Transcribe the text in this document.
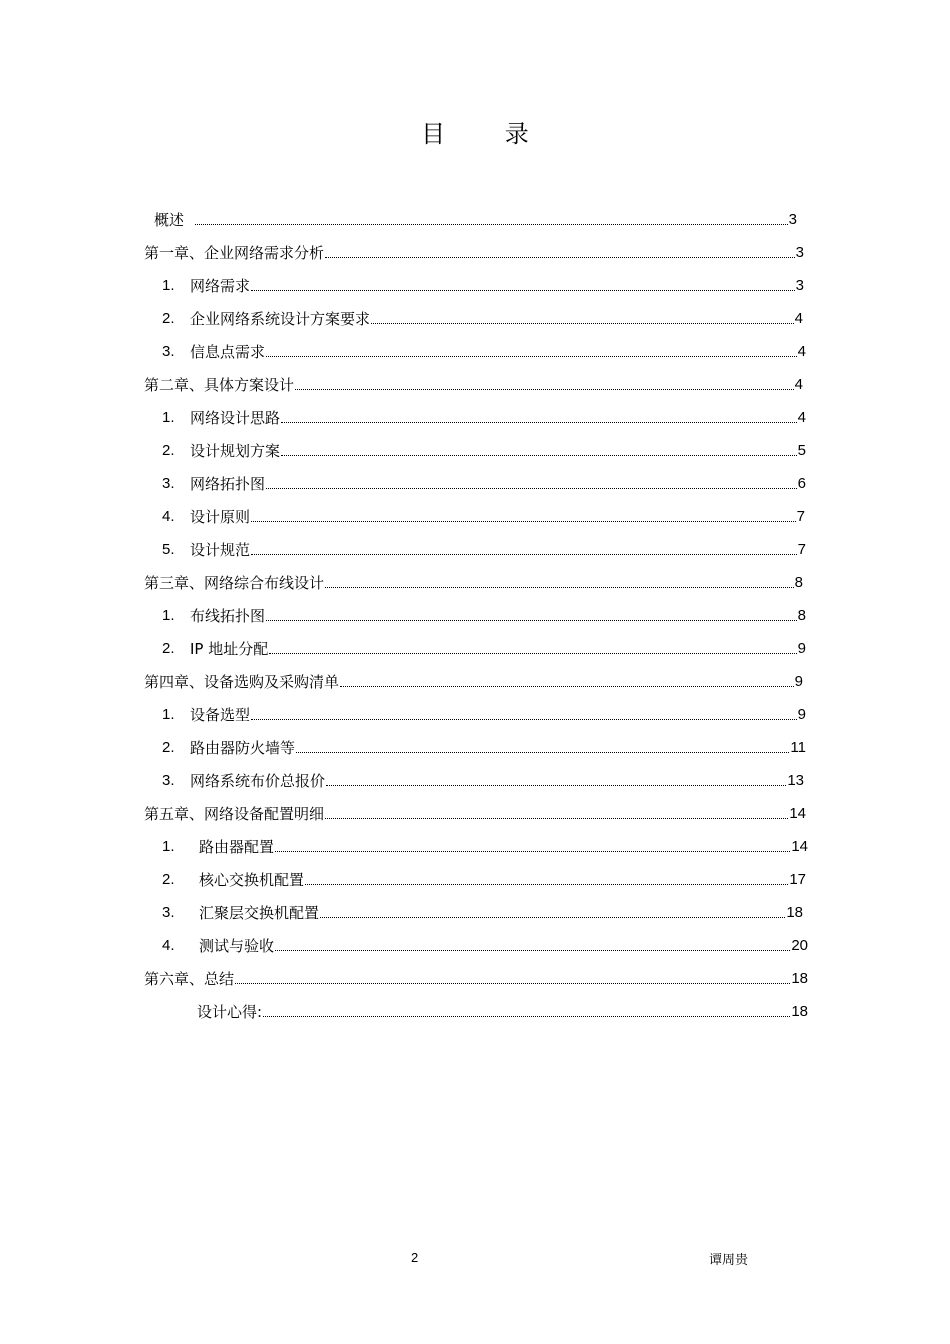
目 录
概述	3
第一章、企业网络需求分析	3
1.	网络需求	3
2.	企业网络系统设计方案要求	4
3.	信息点需求	4
第二章、具体方案设计	4
1.	网络设计思路	4
2.	设计规划方案	5
3.	网络拓扑图	6
4.	设计原则	7
5.	设计规范	7
第三章、网络综合布线设计	8
1.	布线拓扑图	8
2.	IP 地址分配	9
第四章、设备选购及采购清单	9
1.	设备选型	9
2.	路由器防火墙等	11
3.	网络系统布价总报价	13
第五章、网络设备配置明细	14
1.	路由器配置	14
2.	核心交换机配置	17
3.	汇聚层交换机配置	18
4.	测试与验收	20
第六章、总结	18
设计心得:	18
2	谭周贵
